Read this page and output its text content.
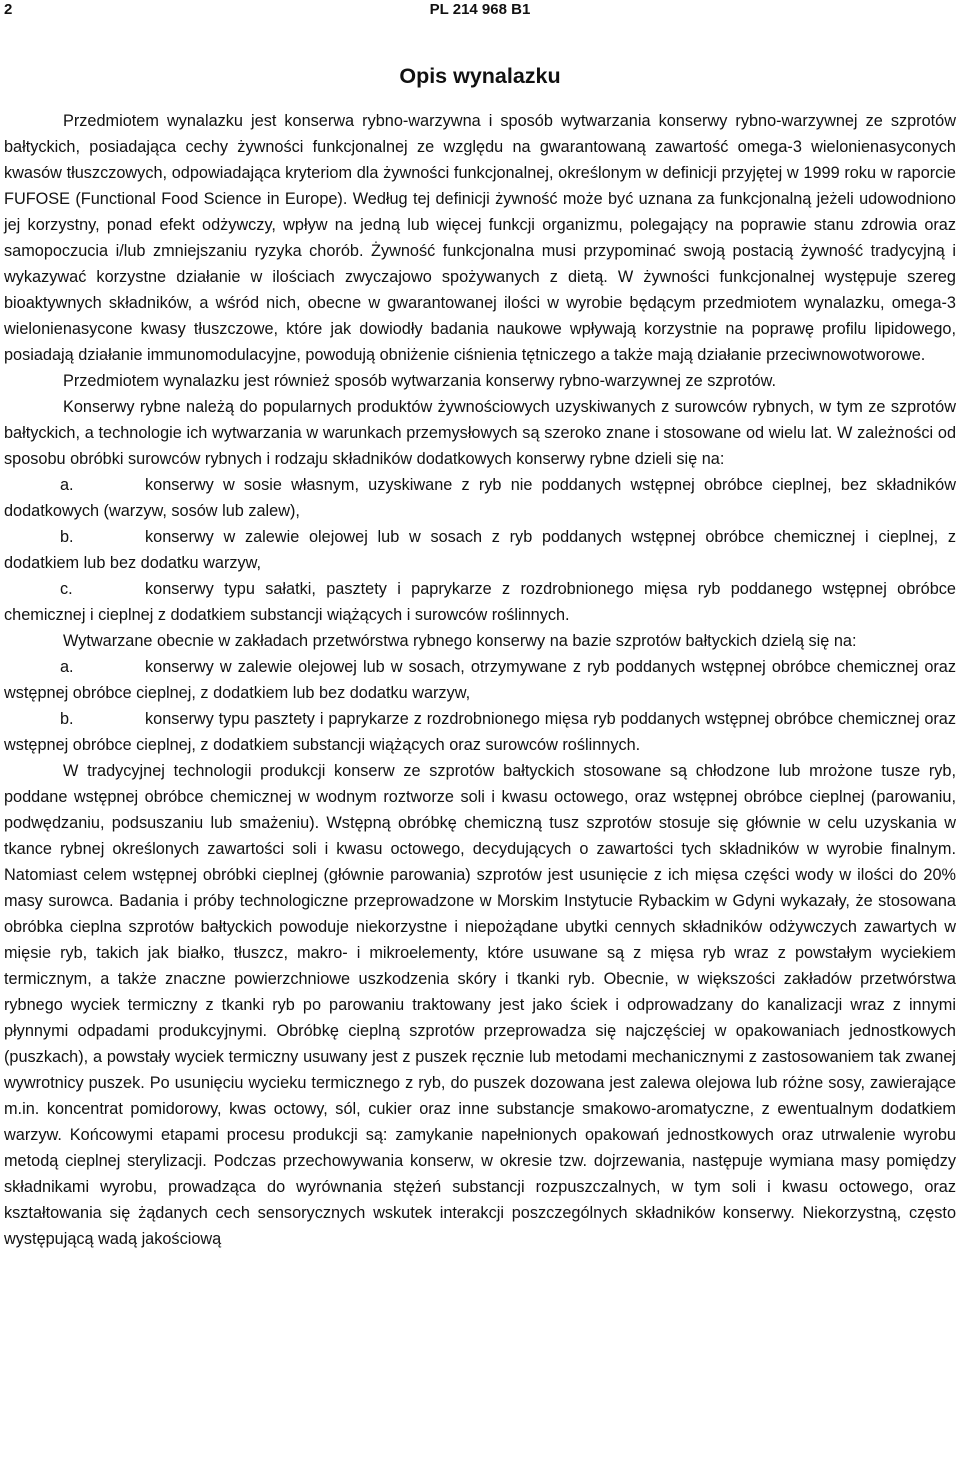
2	PL 214 968 B1
Opis wynalazku

Przedmiotem wynalazku jest konserwa rybno-warzywna i sposób wytwarzania konserwy rybno-warzywnej ze szprotów bałtyckich, posiadająca cechy żywności funkcjonalnej ze względu na gwarantowaną zawartość omega-3 wielonienasyconych kwasów tłuszczowych, odpowiadająca kryteriom dla żywności funkcjonalnej, określonym w definicji przyjętej w 1999 roku w raporcie FUFOSE (Functional Food Science in Europe). Według tej definicji żywność może być uznana za funkcjonalną jeżeli udowodniono jej korzystny, ponad efekt odżywczy, wpływ na jedną lub więcej funkcji organizmu, polegający na poprawie stanu zdrowia oraz samopoczucia i/lub zmniejszaniu ryzyka chorób. Żywność funkcjonalna musi przypominać swoją postacią żywność tradycyjną i wykazywać korzystne działanie w ilościach zwyczajowo spożywanych z dietą. W żywności funkcjonalnej występuje szereg bioaktywnych składników, a wśród nich, obecne w gwarantowanej ilości w wyrobie będącym przedmiotem wynalazku, omega-3 wielonienasycone kwasy tłuszczowe, które jak dowiodły badania naukowe wpływają korzystnie na poprawę profilu lipidowego, posiadają działanie immunomodulacyjne, powodują obniżenie ciśnienia tętniczego a także mają działanie przeciwnowotworowe.

Przedmiotem wynalazku jest również sposób wytwarzania konserwy rybno-warzywnej ze szprotów.

Konserwy rybne należą do popularnych produktów żywnościowych uzyskiwanych z surowców rybnych, w tym ze szprotów bałtyckich, a technologie ich wytwarzania w warunkach przemysłowych są szeroko znane i stosowane od wielu lat. W zależności od sposobu obróbki surowców rybnych i rodzaju składników dodatkowych konserwy rybne dzieli się na:

a.	konserwy w sosie własnym, uzyskiwane z ryb nie poddanych wstępnej obróbce cieplnej, bez składników dodatkowych (warzyw, sosów lub zalew),

b.	konserwy w zalewie olejowej lub w sosach z ryb poddanych wstępnej obróbce chemicznej i cieplnej, z dodatkiem lub bez dodatku warzyw,

c.	konserwy typu sałatki, pasztety i paprykarze z rozdrobnionego mięsa ryb poddanego wstępnej obróbce chemicznej i cieplnej z dodatkiem substancji wiążących i surowców roślinnych.

Wytwarzane obecnie w zakładach przetwórstwa rybnego konserwy na bazie szprotów bałtyckich dzielą się na:

a.	konserwy w zalewie olejowej lub w sosach, otrzymywane z ryb poddanych wstępnej obróbce chemicznej oraz wstępnej obróbce cieplnej, z dodatkiem lub bez dodatku warzyw,

b.	konserwy typu pasztety i paprykarze z rozdrobnionego mięsa ryb poddanych wstępnej obróbce chemicznej oraz wstępnej obróbce cieplnej, z dodatkiem substancji wiążących oraz surowców roślinnych.

W tradycyjnej technologii produkcji konserw ze szprotów bałtyckich stosowane są chłodzone lub mrożone tusze ryb, poddane wstępnej obróbce chemicznej w wodnym roztworze soli i kwasu octowego, oraz wstępnej obróbce cieplnej (parowaniu, podwędzaniu, podsuszaniu lub smażeniu). Wstępną obróbkę chemiczną tusz szprotów stosuje się głównie w celu uzyskania w tkance rybnej określonych zawartości soli i kwasu octowego, decydujących o zawartości tych składników w wyrobie finalnym. Natomiast celem wstępnej obróbki cieplnej (głównie parowania) szprotów jest usunięcie z ich mięsa części wody w ilości do 20% masy surowca. Badania i próby technologiczne przeprowadzone w Morskim Instytucie Rybackim w Gdyni wykazały, że stosowana obróbka cieplna szprotów bałtyckich powoduje niekorzystne i niepożądane ubytki cennych składników odżywczych zawartych w mięsie ryb, takich jak białko, tłuszcz, makro- i mikroelementy, które usuwane są z mięsa ryb wraz z powstałym wyciekiem termicznym, a także znaczne powierzchniowe uszkodzenia skóry i tkanki ryb. Obecnie, w większości zakładów przetwórstwa rybnego wyciek termiczny z tkanki ryb po parowaniu traktowany jest jako ściek i odprowadzany do kanalizacji wraz z innymi płynnymi odpadami produkcyjnymi. Obróbkę cieplną szprotów przeprowadza się najczęściej w opakowaniach jednostkowych (puszkach), a powstały wyciek termiczny usuwany jest z puszek ręcznie lub metodami mechanicznymi z zastosowaniem tak zwanej wywrotnicy puszek. Po usunięciu wycieku termicznego z ryb, do puszek dozowana jest zalewa olejowa lub różne sosy, zawierające m.in. koncentrat pomidorowy, kwas octowy, sól, cukier oraz inne substancje smakowo-aromatyczne, z ewentualnym dodatkiem warzyw. Końcowymi etapami procesu produkcji są: zamykanie napełnionych opakowań jednostkowych oraz utrwalenie wyrobu metodą cieplnej sterylizacji. Podczas przechowywania konserw, w okresie tzw. dojrzewania, następuje wymiana masy pomiędzy składnikami wyrobu, prowadząca do wyrównania stężeń substancji rozpuszczalnych, w tym soli i kwasu octowego, oraz kształtowania się żądanych cech sensorycznych wskutek interakcji poszczególnych składników konserwy. Niekorzystną, często występującą wadą jakościową
